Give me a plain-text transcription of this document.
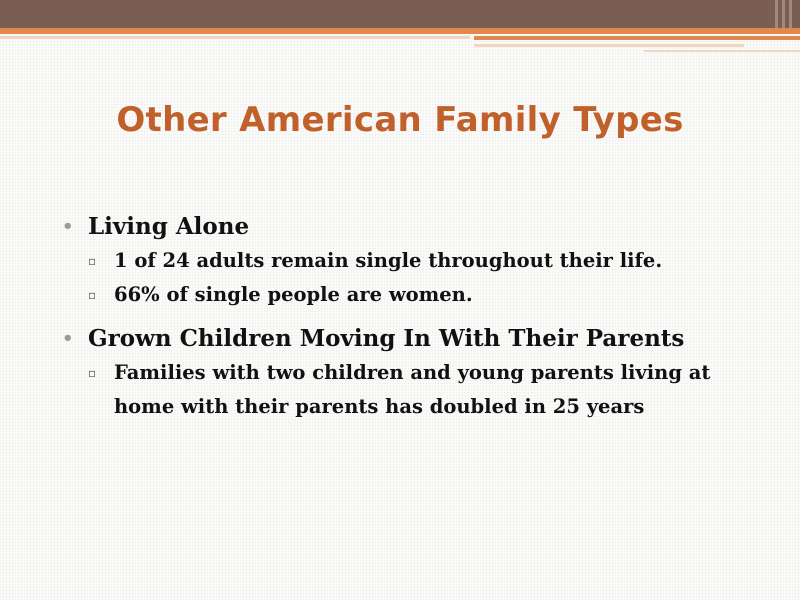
Other American Family Types
• Living Alone
▫ 1 of 24 adults remain single throughout their life.
▫ 66% of single people are women.
• Grown Children Moving In With Their Parents
▫ Families with two children and young parents living at home with their parents has doubled in 25 years
